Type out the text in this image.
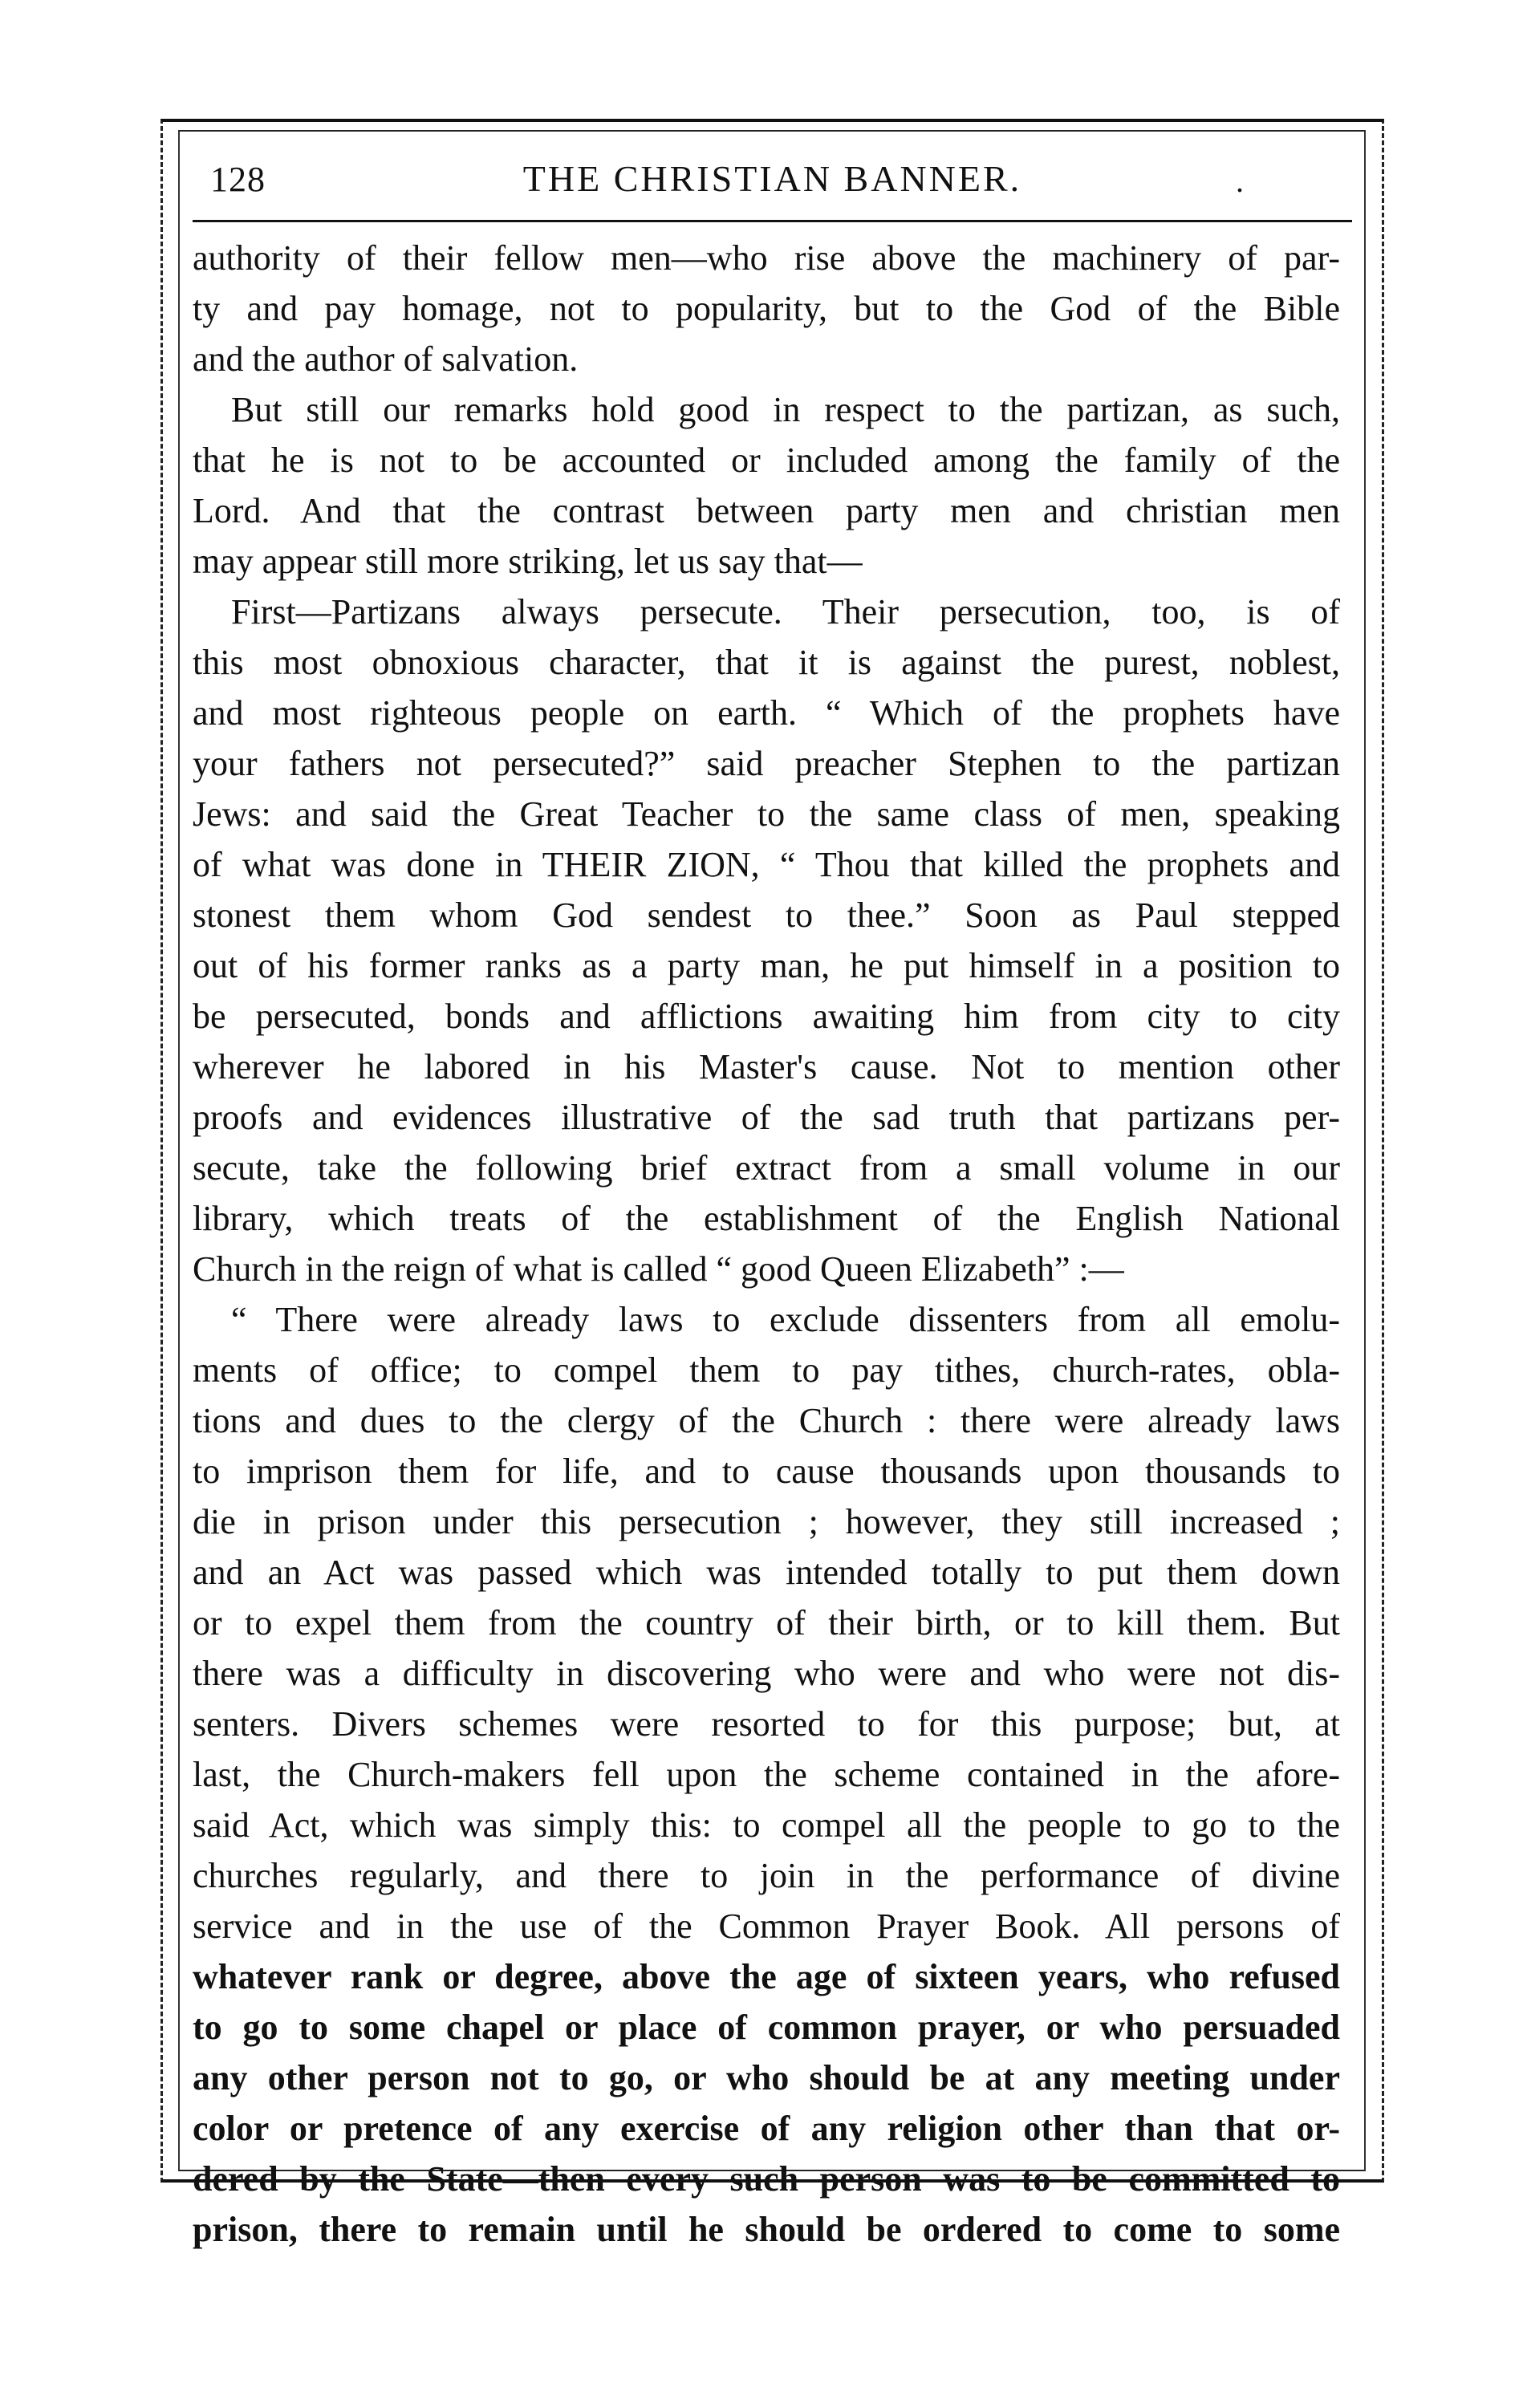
128	THE CHRISTIAN BANNER.	.
authority of their fellow men—who rise above the machinery of par-
ty and pay homage, not to popularity, but to the God of the Bible
and the author of salvation.
But still our remarks hold good in respect to the partizan, as such,
that he is not to be accounted or included among the family of the
Lord. And that the contrast between party men and christian men
may appear still more striking, let us say that—
First—Partizans always persecute. Their persecution, too, is of
this most obnoxious character, that it is against the purest, noblest,
and most righteous people on earth. “ Which of the prophets have
your fathers not persecuted?” said preacher Stephen to the partizan
Jews: and said the Great Teacher to the same class of men, speaking
of what was done in THEIR ZION, “ Thou that killed the prophets and
stonest them whom God sendest to thee.” Soon as Paul stepped
out of his former ranks as a party man, he put himself in a position to
be persecuted, bonds and afflictions awaiting him from city to city
wherever he labored in his Master's cause. Not to mention other
proofs and evidences illustrative of the sad truth that partizans per-
secute, take the following brief extract from a small volume in our
library, which treats of the establishment of the English National
Church in the reign of what is called “ good Queen Elizabeth” :—
“ There were already laws to exclude dissenters from all emolu-
ments of office; to compel them to pay tithes, church-rates, obla-
tions and dues to the clergy of the Church : there were already laws
to imprison them for life, and to cause thousands upon thousands to
die in prison under this persecution ; however, they still increased ;
and an Act was passed which was intended totally to put them down
or to expel them from the country of their birth, or to kill them. But
there was a difficulty in discovering who were and who were not dis-
senters. Divers schemes were resorted to for this purpose; but, at
last, the Church-makers fell upon the scheme contained in the afore-
said Act, which was simply this: to compel all the people to go to the
churches regularly, and there to join in the performance of divine
service and in the use of the Common Prayer Book. All persons of
whatever rank or degree, above the age of sixteen years, who refused
to go to some chapel or place of common prayer, or who persuaded
any other person not to go, or who should be at any meeting under
color or pretence of any exercise of any religion other than that or-
dered by the State—then every such person was to be committed to
prison, there to remain until he should be ordered to come to some
